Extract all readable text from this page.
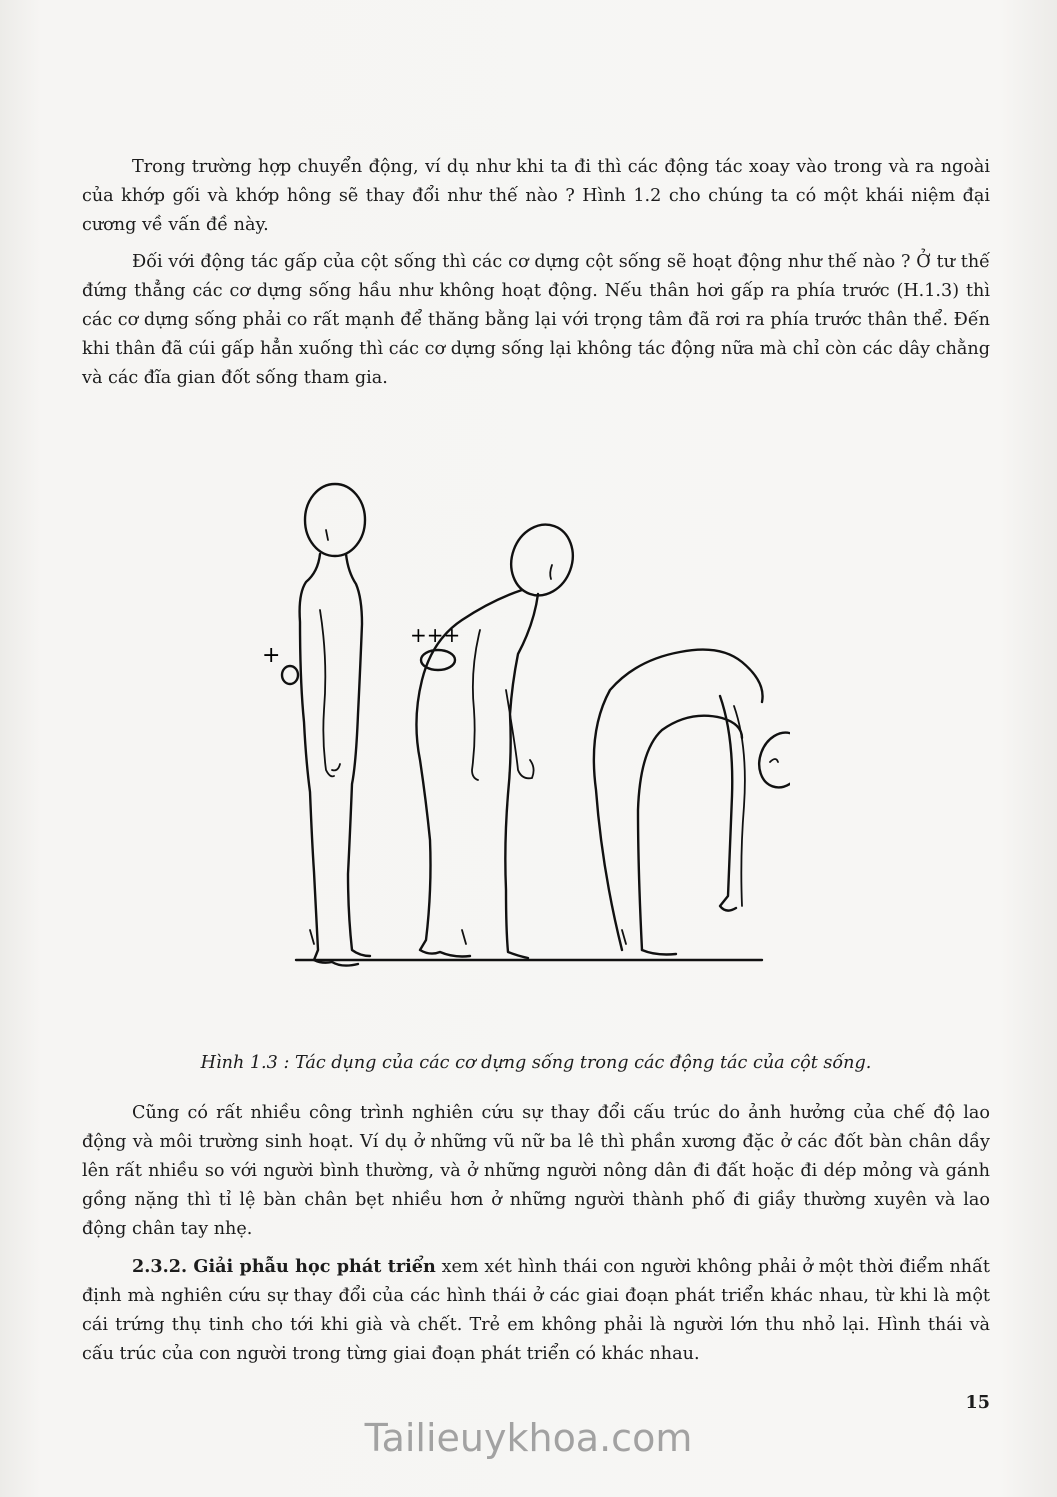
Trong trường hợp chuyển động, ví dụ như khi ta đi thì các động tác xoay vào trong và ra ngoài của khớp gối và khớp hông sẽ thay đổi như thế nào ? Hình 1.2 cho chúng ta có một khái niệm đại cương về vấn đề này.

Đối với động tác gấp của cột sống thì các cơ dựng cột sống sẽ hoạt động như thế nào ? Ở tư thế đứng thẳng các cơ dựng sống hầu như không hoạt động. Nếu thân hơi gấp ra phía trước (H.1.3) thì các cơ dựng sống phải co rất mạnh để thăng bằng lại với trọng tâm đã rơi ra phía trước thân thể. Đến khi thân đã cúi gấp hẳn xuống thì các cơ dựng sống lại không tác động nữa mà chỉ còn các dây chằng và các đĩa gian đốt sống tham gia.

+
+++

Hình 1.3 : Tác dụng của các cơ dựng sống trong các động tác của cột sống.

Cũng có rất nhiều công trình nghiên cứu sự thay đổi cấu trúc do ảnh hưởng của chế độ lao động và môi trường sinh hoạt. Ví dụ ở những vũ nữ ba lê thì phần xương đặc ở các đốt bàn chân dầy lên rất nhiều so với người bình thường, và ở những người nông dân đi đất hoặc đi dép mỏng và gánh gồng nặng thì tỉ lệ bàn chân bẹt nhiều hơn ở những người thành phố đi giầy thường xuyên và lao động chân tay nhẹ.

2.3.2. Giải phẫu học phát triển xem xét hình thái con người không phải ở một thời điểm nhất định mà nghiên cứu sự thay đổi của các hình thái ở các giai đoạn phát triển khác nhau, từ khi là một cái trứng thụ tinh cho tới khi già và chết. Trẻ em không phải là người lớn thu nhỏ lại. Hình thái và cấu trúc của con người trong từng giai đoạn phát triển có khác nhau.

15
Tailieuykhoa.com
